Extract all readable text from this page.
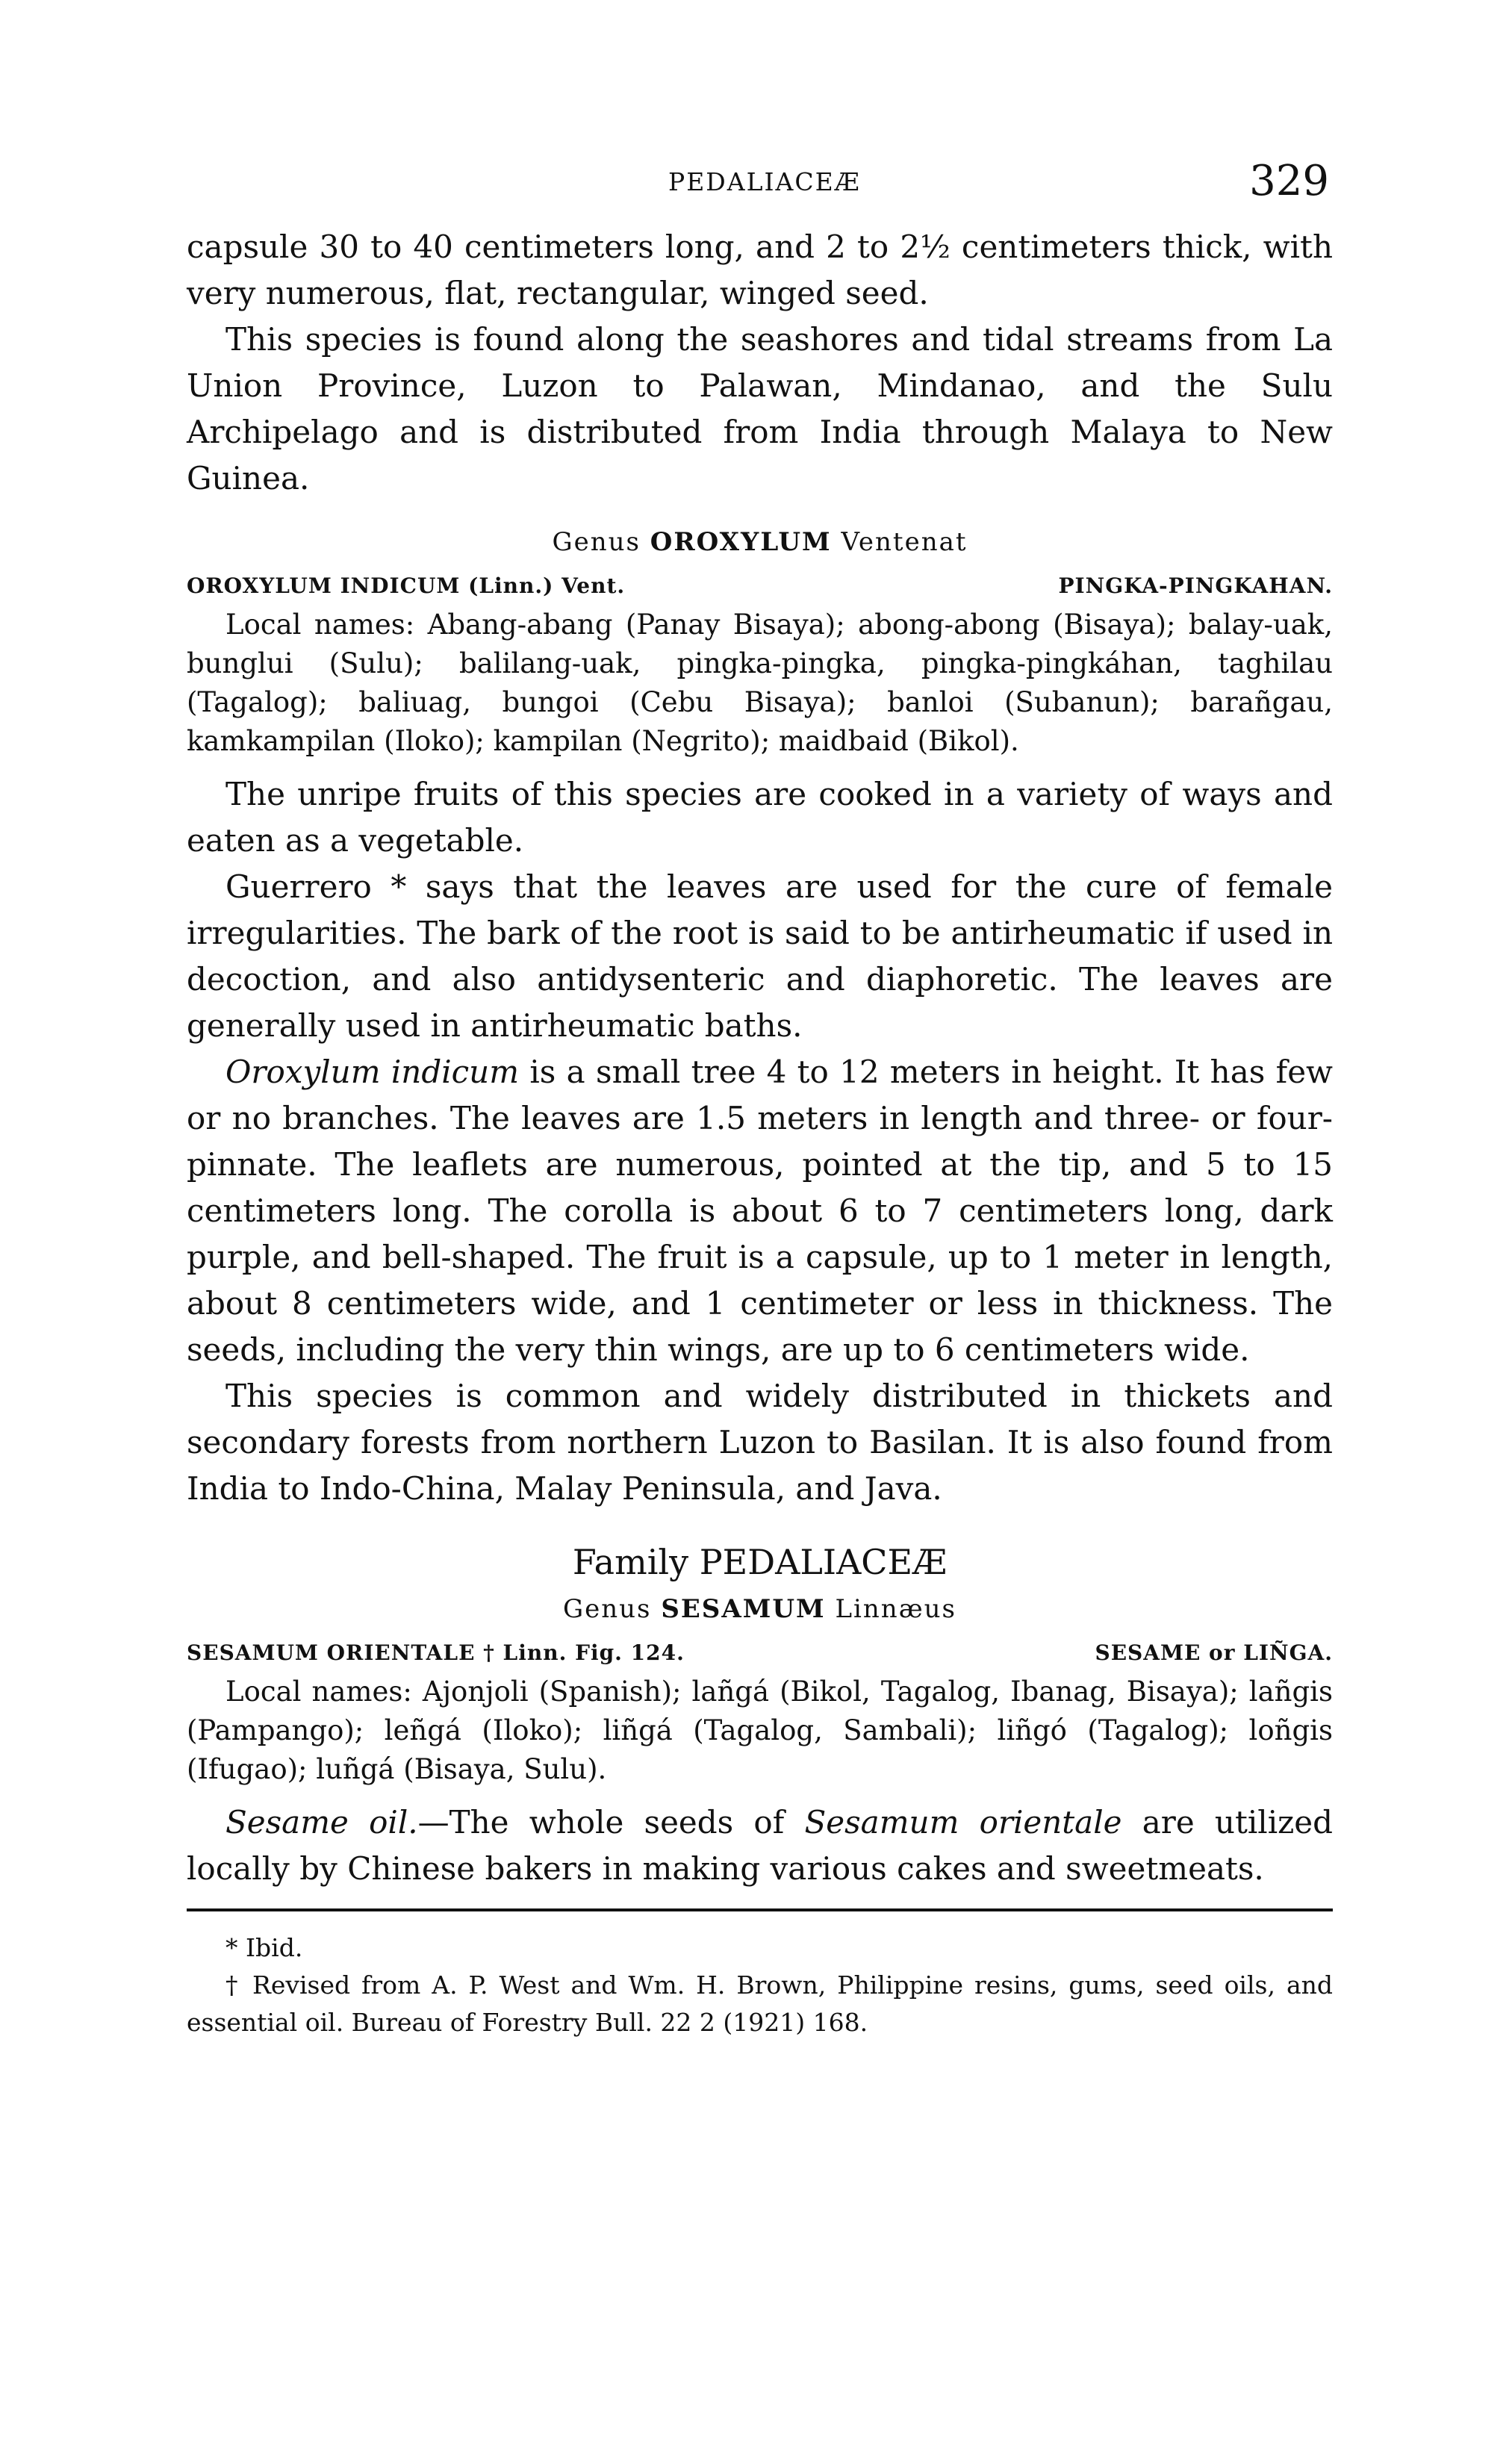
PEDALIACEÆ	329

capsule 30 to 40 centimeters long, and 2 to 2½ centimeters thick, with very numerous, flat, rectangular, winged seed.

This species is found along the seashores and tidal streams from La Union Province, Luzon to Palawan, Mindanao, and the Sulu Archipelago and is distributed from India through Malaya to New Guinea.

Genus OROXYLUM Ventenat
OROXYLUM INDICUM (Linn.) Vent.	PINGKA-PINGKAHAN.

Local names: Abang-abang (Panay Bisaya); abong-abong (Bisaya); balay-uak, bunglui (Sulu); balilang-uak, pingka-pingka, pingka-pingkáhan, taghilau (Tagalog); baliuag, bungoi (Cebu Bisaya); banloi (Subanun); barañgau, kamkampilan (Iloko); kampilan (Negrito); maidbaid (Bikol).

The unripe fruits of this species are cooked in a variety of ways and eaten as a vegetable.

Guerrero * says that the leaves are used for the cure of female irregularities. The bark of the root is said to be antirheumatic if used in decoction, and also antidysenteric and diaphoretic. The leaves are generally used in antirheumatic baths.

Oroxylum indicum is a small tree 4 to 12 meters in height. It has few or no branches. The leaves are 1.5 meters in length and three- or four-pinnate. The leaflets are numerous, pointed at the tip, and 5 to 15 centimeters long. The corolla is about 6 to 7 centimeters long, dark purple, and bell-shaped. The fruit is a capsule, up to 1 meter in length, about 8 centimeters wide, and 1 centimeter or less in thickness. The seeds, including the very thin wings, are up to 6 centimeters wide.

This species is common and widely distributed in thickets and secondary forests from northern Luzon to Basilan. It is also found from India to Indo-China, Malay Peninsula, and Java.

Family PEDALIACEÆ
Genus SESAMUM Linnæus
SESAMUM ORIENTALE † Linn. Fig. 124.	SESAME or LIÑGA.

Local names: Ajonjoli (Spanish); lañgá (Bikol, Tagalog, Ibanag, Bisaya); lañgis (Pampango); leñgá (Iloko); liñgá (Tagalog, Sambali); liñgó (Tagalog); loñgis (Ifugao); luñgá (Bisaya, Sulu).

Sesame oil.—The whole seeds of Sesamum orientale are utilized locally by Chinese bakers in making various cakes and sweetmeats.

* Ibid.

† Revised from A. P. West and Wm. H. Brown, Philippine resins, gums, seed oils, and essential oil. Bureau of Forestry Bull. 22 2 (1921) 168.
